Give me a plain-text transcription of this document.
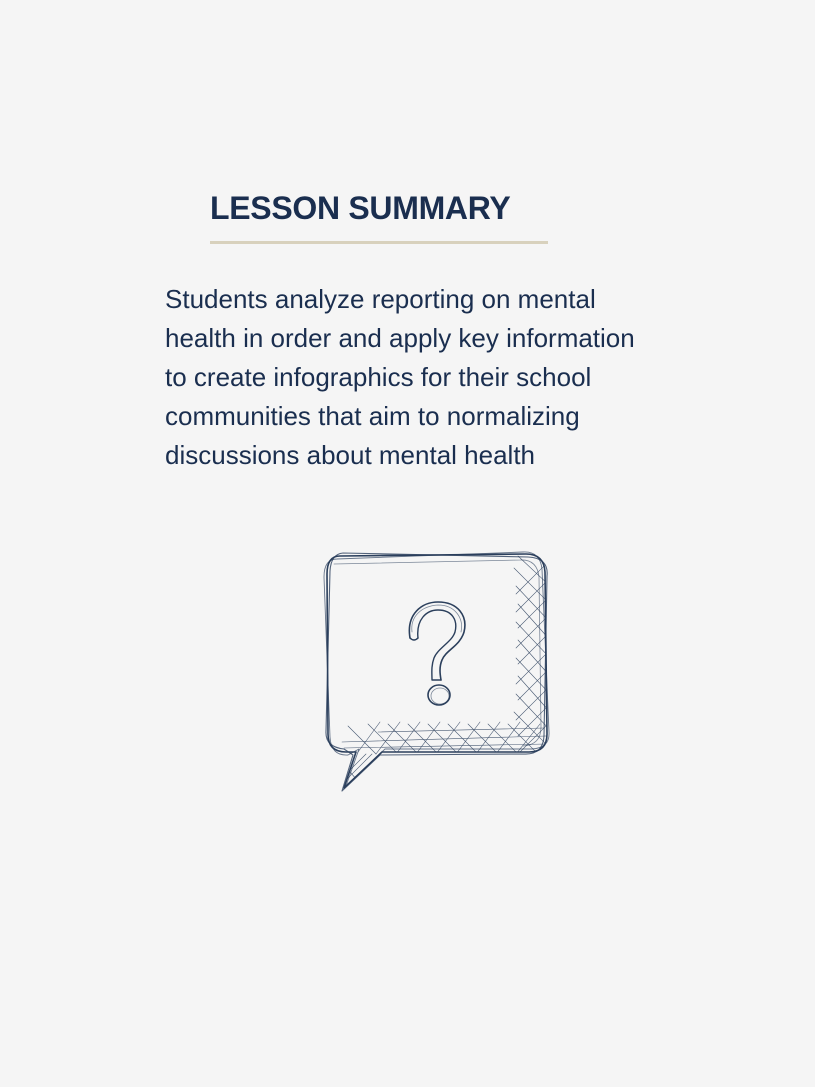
LESSON SUMMARY

Students analyze reporting on mental health in order and apply key information to create infographics for their school communities that aim to normalizing discussions about mental health
